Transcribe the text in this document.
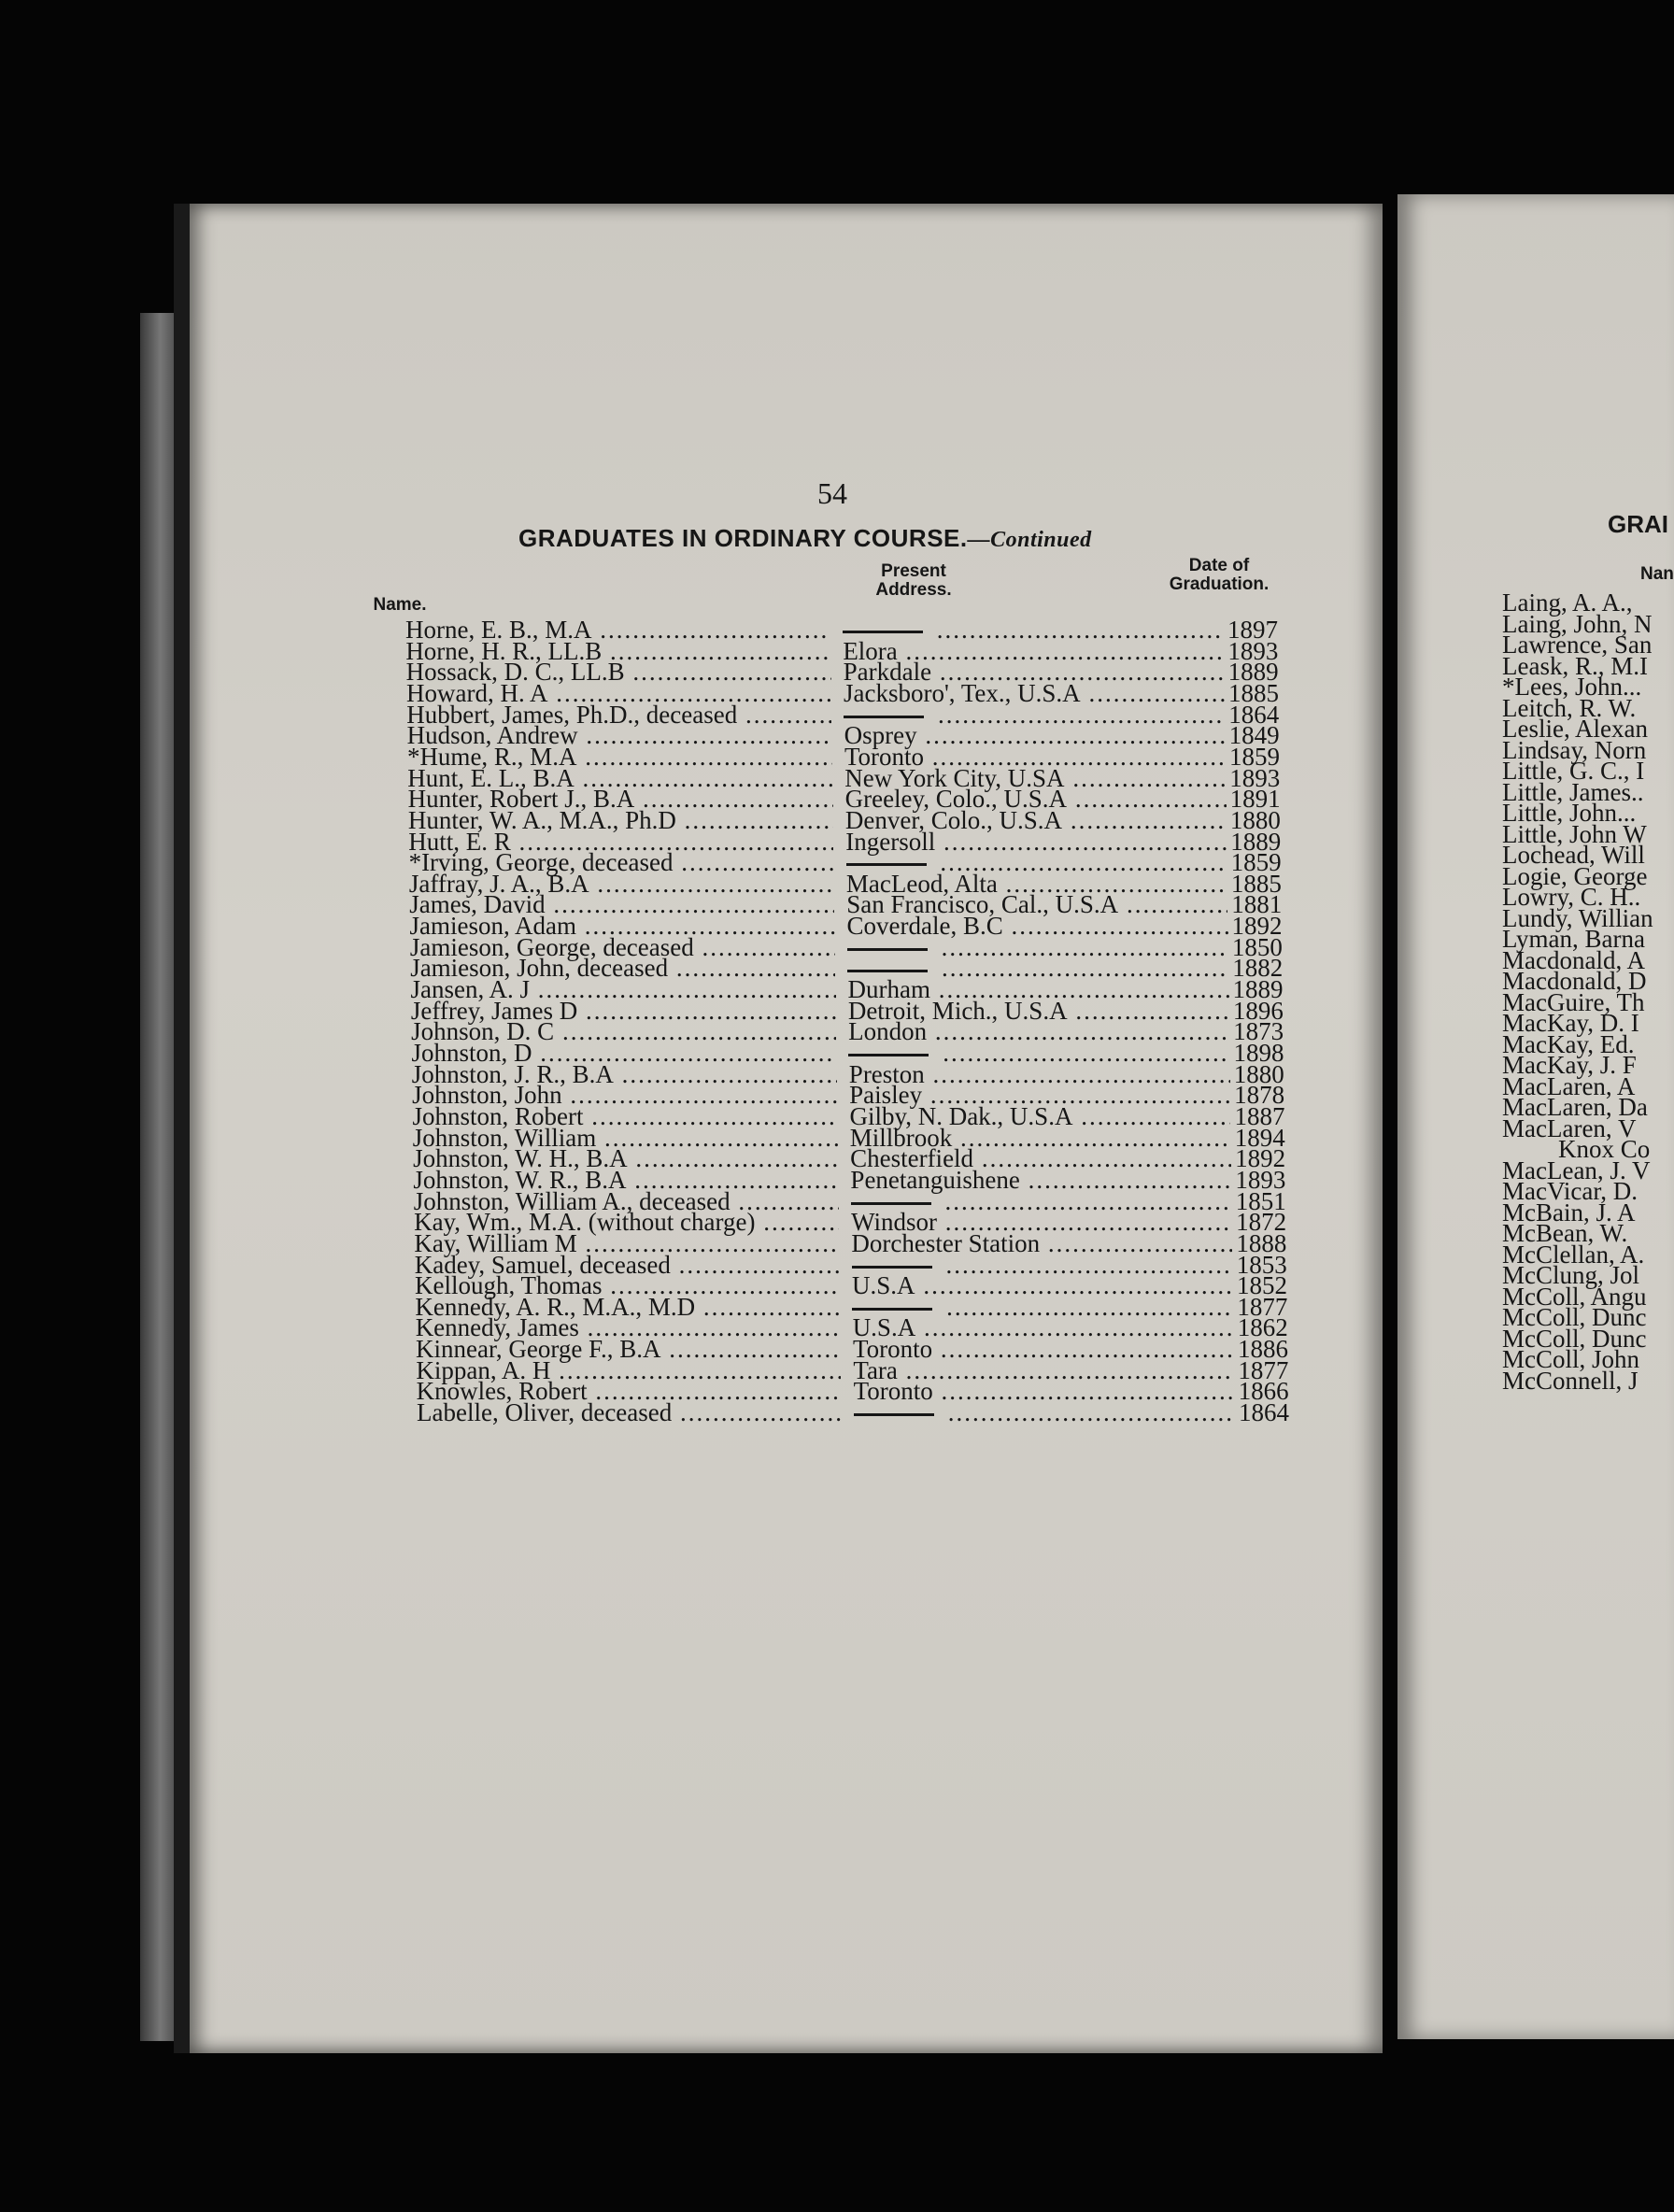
54
GRADUATES IN ORDINARY COURSE.—Continued
Name.
Present
Address.
Date of
Graduation.
Horne, E. B., M.A ..... .....	1897
Horne, H. R., LL.B .....	Elora .....	1893
Hossack, D. C., LL.B .....	Parkdale .....	1889
Howard, H. A .....	Jacksboro', Tex., U.S.A .....	1885
Hubbert, James, Ph.D., deceased ..... .....	1864
Hudson, Andrew .....	Osprey .....	1849
*Hume, R., M.A .....	Toronto .....	1859
Hunt, E. L., B.A .....	New York City, U.SA .....	1893
Hunter, Robert J., B.A .....	Greeley, Colo., U.S.A .....	1891
Hunter, W. A., M.A., Ph.D .....	Denver, Colo., U.S.A .....	1880
Hutt, E. R .....	Ingersoll .....	1889
*Irving, George, deceased ..... .....	1859
Jaffray, J. A., B.A .....	MacLeod, Alta .....	1885
James, David .....	San Francisco, Cal., U.S.A .....	1881
Jamieson, Adam .....	Coverdale, B.C .....	1892
Jamieson, George, deceased ..... .....	1850
Jamieson, John, deceased ..... .....	1882
Jansen, A. J .....	Durham .....	1889
Jeffrey, James D .....	Detroit, Mich., U.S.A .....	1896
Johnson, D. C .....	London .....	1873
Johnston, D ..... .....	1898
Johnston, J. R., B.A .....	Preston .....	1880
Johnston, John .....	Paisley .....	1878
Johnston, Robert .....	Gilby, N. Dak., U.S.A .....	1887
Johnston, William .....	Millbrook .....	1894
Johnston, W. H., B.A .....	Chesterfield .....	1892
Johnston, W. R., B.A .....	Penetanguishene .....	1893
Johnston, William A., deceased ..... .....	1851
Kay, Wm., M.A. (without charge) .....	Windsor .....	1872
Kay, William M .....	Dorchester Station .....	1888
Kadey, Samuel, deceased ..... .....	1853
Kellough, Thomas .....	U.S.A .....	1852
Kennedy, A. R., M.A., M.D ..... .....	1877
Kennedy, James .....	U.S.A .....	1862
Kinnear, George F., B.A .....	Toronto .....	1886
Kippan, A. H .....	Tara .....	1877
Knowles, Robert .....	Toronto .....	1866
Labelle, Oliver, deceased ..... .....	1864
GRAI
Nan
Laing, A. A.,
Laing, John, N
Lawrence, San
Leask, R., M.I
*Lees, John...
Leitch, R. W.
Leslie, Alexan
Lindsay, Norn
Little, G. C., I
Little, James..
Little, John...
Little, John W
Lochead, Will
Logie, George
Lowry, C. H..
Lundy, Willian
Lyman, Barna
Macdonald, A
Macdonald, D
MacGuire, Th
MacKay, D. I
MacKay, Ed.
MacKay, J. F
MacLaren, A
MacLaren, Da
MacLaren, V
Knox Co
MacLean, J. V
MacVicar, D.
McBain, J. A
McBean, W.
McClellan, A.
McClung, Jol
McColl, Angu
McColl, Dunc
McColl, Dunc
McColl, John
McConnell, J
